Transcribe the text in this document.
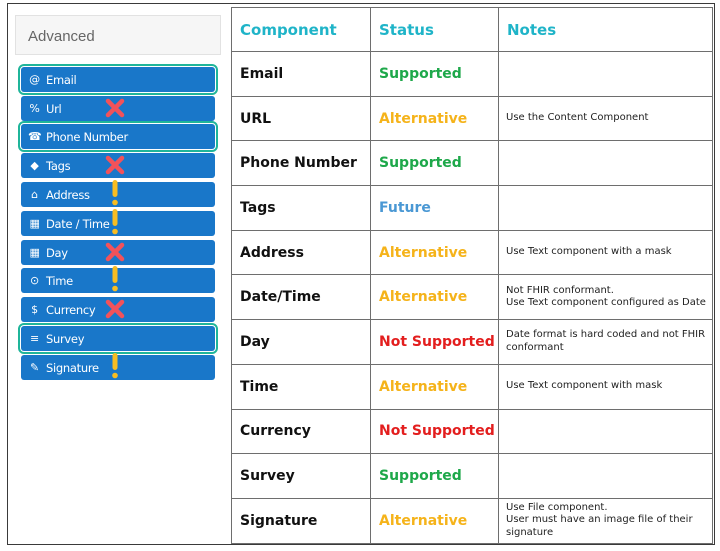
Advanced
@ Email
% Url
☎ Phone Number
◆ Tags
⌂ Address
▦ Date / Time
▦ Day
⊙ Time
$ Currency
≡ Survey
✎ Signature
Component	Status	Notes
Email	Supported	
URL	Alternative	Use the Content Component
Phone Number	Supported	
Tags	Future	
Address	Alternative	Use Text component with a mask
Date/Time	Alternative	Not FHIR conformant.
Use Text component configured as Date
Day	Not Supported	Date format is hard coded and not FHIR conformant
Time	Alternative	Use Text component with mask
Currency	Not Supported	
Survey	Supported	
Signature	Alternative	Use File component.
User must have an image file of their signature
